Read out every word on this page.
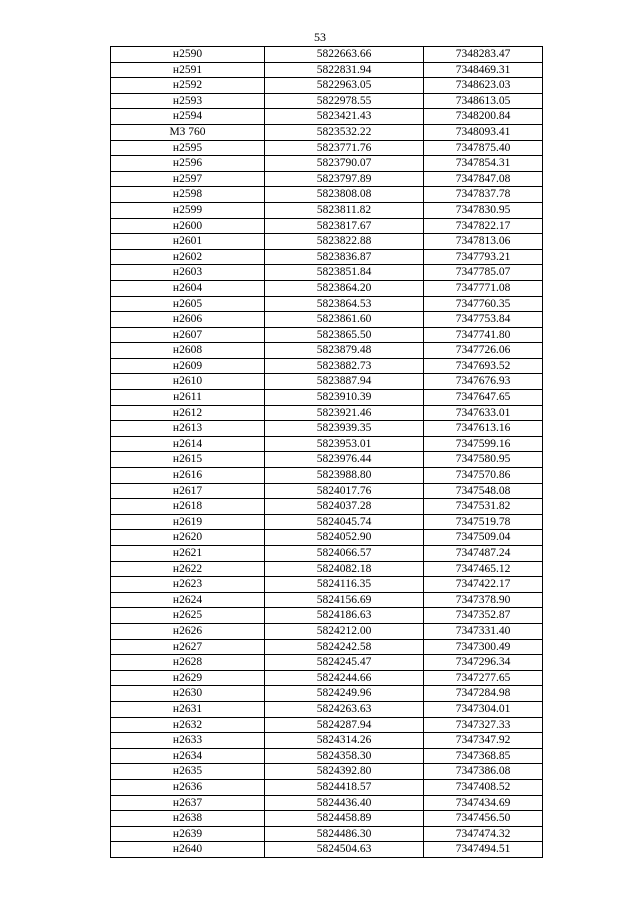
53
н2590	5822663.66	7348283.47
н2591	5822831.94	7348469.31
н2592	5822963.05	7348623.03
н2593	5822978.55	7348613.05
н2594	5823421.43	7348200.84
МЗ 760	5823532.22	7348093.41
н2595	5823771.76	7347875.40
н2596	5823790.07	7347854.31
н2597	5823797.89	7347847.08
н2598	5823808.08	7347837.78
н2599	5823811.82	7347830.95
н2600	5823817.67	7347822.17
н2601	5823822.88	7347813.06
н2602	5823836.87	7347793.21
н2603	5823851.84	7347785.07
н2604	5823864.20	7347771.08
н2605	5823864.53	7347760.35
н2606	5823861.60	7347753.84
н2607	5823865.50	7347741.80
н2608	5823879.48	7347726.06
н2609	5823882.73	7347693.52
н2610	5823887.94	7347676.93
н2611	5823910.39	7347647.65
н2612	5823921.46	7347633.01
н2613	5823939.35	7347613.16
н2614	5823953.01	7347599.16
н2615	5823976.44	7347580.95
н2616	5823988.80	7347570.86
н2617	5824017.76	7347548.08
н2618	5824037.28	7347531.82
н2619	5824045.74	7347519.78
н2620	5824052.90	7347509.04
н2621	5824066.57	7347487.24
н2622	5824082.18	7347465.12
н2623	5824116.35	7347422.17
н2624	5824156.69	7347378.90
н2625	5824186.63	7347352.87
н2626	5824212.00	7347331.40
н2627	5824242.58	7347300.49
н2628	5824245.47	7347296.34
н2629	5824244.66	7347277.65
н2630	5824249.96	7347284.98
н2631	5824263.63	7347304.01
н2632	5824287.94	7347327.33
н2633	5824314.26	7347347.92
н2634	5824358.30	7347368.85
н2635	5824392.80	7347386.08
н2636	5824418.57	7347408.52
н2637	5824436.40	7347434.69
н2638	5824458.89	7347456.50
н2639	5824486.30	7347474.32
н2640	5824504.63	7347494.51
